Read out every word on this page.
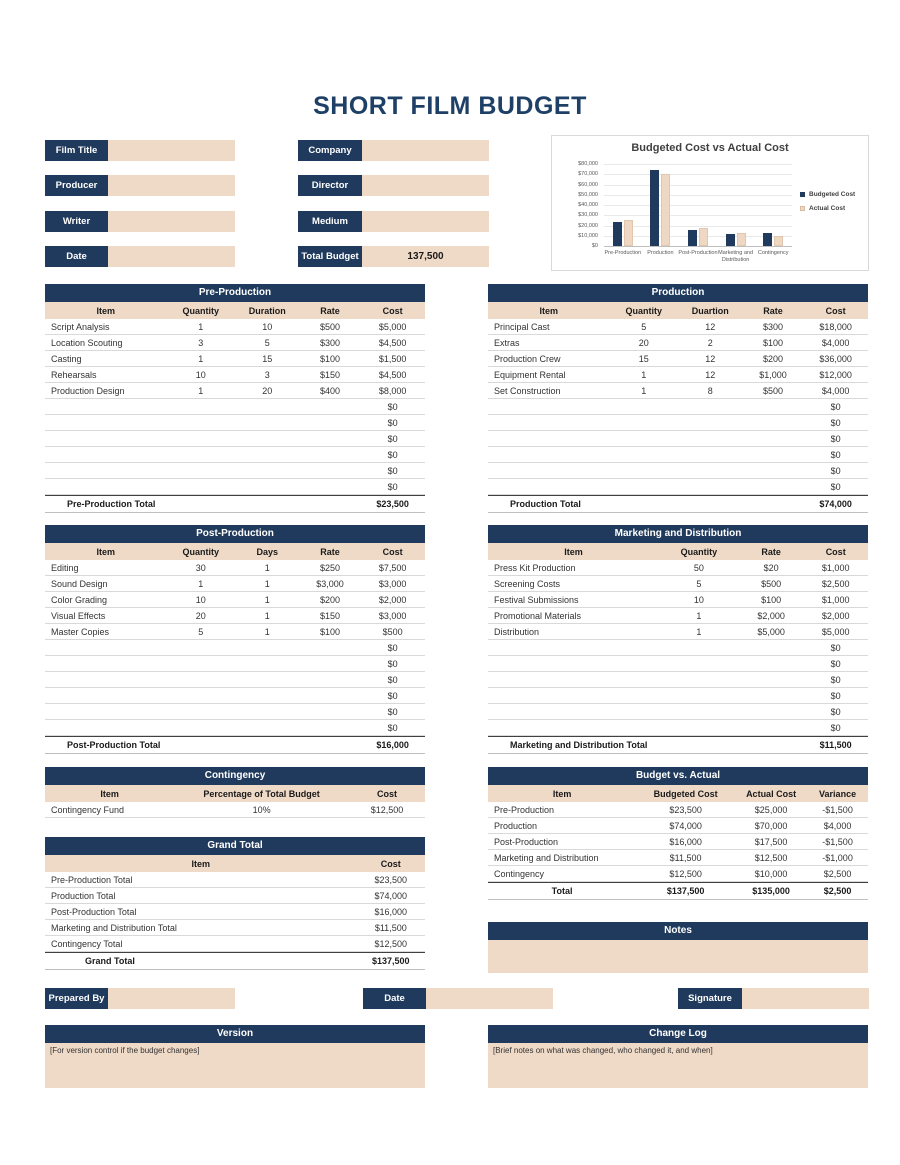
SHORT FILM BUDGET
Film Title
Producer
Writer
Date
Company
Director
Medium
Total Budget	137,500
Budgeted Cost vs Actual Cost
$80,000
$70,000
$60,000
$50,000
$40,000
$30,000
$20,000
$10,000
$0
Pre-Production	Production Post-Production Marketing and Distribution
Contingency
Budgeted Cost
Actual Cost
Pre-Production
Item	Quantity	Duration	Rate	Cost
Script Analysis	1	10	$500	$5,000
Location Scouting	3	5	$300	$4,500
Casting	1	15	$100	$1,500
Rehearsals	10	3	$150	$4,500
Production Design	1	20	$400	$8,000
$0
$0
$0
$0
$0
$0
Pre-Production Total	$23,500
Production
Item	Quantity	Duartion	Rate	Cost
Principal Cast	5	12	$300	$18,000
Extras	20	2	$100	$4,000
Production Crew	15	12	$200	$36,000
Equipment Rental	1	12	$1,000	$12,000
Set Construction	1	8	$500	$4,000
$0
$0
$0
$0
$0
$0
Production Total	$74,000
Post-Production
Item	Quantity	Days	Rate	Cost
Editing	30	1	$250	$7,500
Sound Design	1	1	$3,000	$3,000
Color Grading	10	1	$200	$2,000
Visual Effects	20	1	$150	$3,000
Master Copies	5	1	$100	$500
$0
$0
$0
$0
$0
$0
Post-Production Total	$16,000
Marketing and Distribution
Item	Quantity	Rate	Cost
Press Kit Production	50	$20	$1,000
Screening Costs	5	$500	$2,500
Festival Submissions	10	$100	$1,000
Promotional Materials	1	$2,000	$2,000
Distribution	1	$5,000	$5,000
$0
$0
$0
$0
$0
$0
Marketing and Distribution Total	$11,500
Contingency
Item	Percentage of Total Budget	Cost
Contingency Fund	10%	$12,500
Grand Total
Item	Cost
Pre-Production Total	$23,500
Production Total	$74,000
Post-Production Total	$16,000
Marketing and Distribution Total	$11,500
Contingency Total	$12,500
Grand Total	$137,500
Budget vs. Actual
Item	Budgeted Cost	Actual Cost	Variance
Pre-Production	$23,500	$25,000	-$1,500
Production	$74,000	$70,000	$4,000
Post-Production	$16,000	$17,500	-$1,500
Marketing and Distribution	$11,500	$12,500	-$1,000
Contingency	$12,500	$10,000	$2,500
Total	$137,500	$135,000	$2,500
Notes
Prepared By	Date	Signature
Version
[For version control if the budget changes]
Change Log
[Brief notes on what was changed, who changed it, and when]
